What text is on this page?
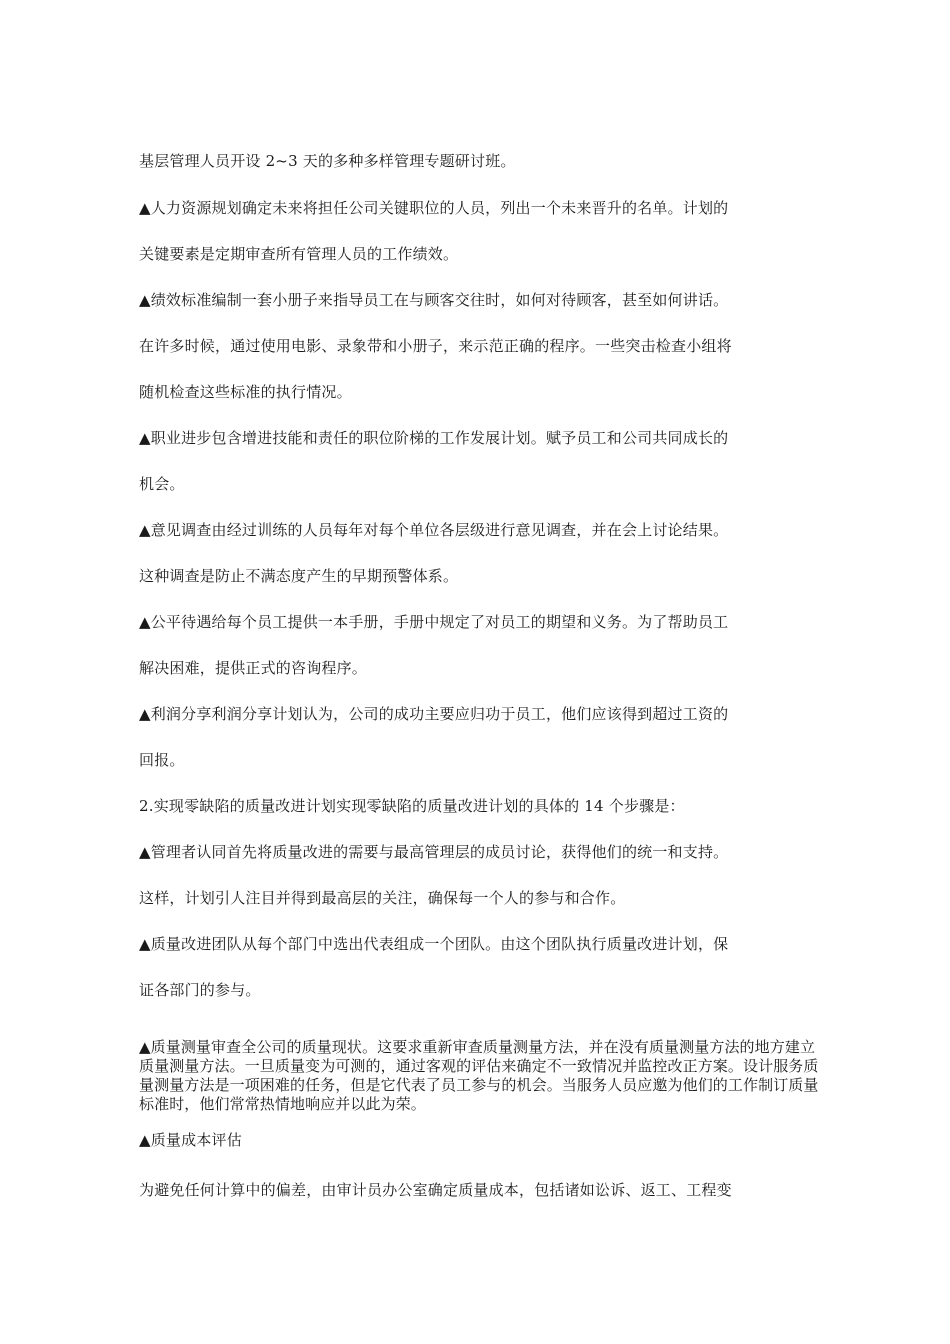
基层管理人员开设 2~3 天的多种多样管理专题研讨班。
▲人力资源规划确定未来将担任公司关键职位的人员，列出一个未来晋升的名单。计划的
关键要素是定期审查所有管理人员的工作绩效。
▲绩效标准编制一套小册子来指导员工在与顾客交往时，如何对待顾客，甚至如何讲话。
在许多时候，通过使用电影、录象带和小册子，来示范正确的程序。一些突击检查小组将
随机检查这些标准的执行情况。
▲职业进步包含增进技能和责任的职位阶梯的工作发展计划。赋予员工和公司共同成长的
机会。
▲意见调查由经过训练的人员每年对每个单位各层级进行意见调查，并在会上讨论结果。
这种调查是防止不满态度产生的早期预警体系。
▲公平待遇给每个员工提供一本手册，手册中规定了对员工的期望和义务。为了帮助员工
解决困难，提供正式的咨询程序。
▲利润分享利润分享计划认为，公司的成功主要应归功于员工，他们应该得到超过工资的
回报。
2.实现零缺陷的质量改进计划实现零缺陷的质量改进计划的具体的 14 个步骤是：
▲管理者认同首先将质量改进的需要与最高管理层的成员讨论，获得他们的统一和支持。
这样，计划引人注目并得到最高层的关注，确保每一个人的参与和合作。
▲质量改进团队从每个部门中选出代表组成一个团队。由这个团队执行质量改进计划，保
证各部门的参与。

▲质量测量审查全公司的质量现状。这要求重新审查质量测量方法，并在没有质量测量方法的地方建立质量测量方法。一旦质量变为可测的，通过客观的评估来确定不一致情况并监控改正方案。设计服务质量测量方法是一项困难的任务，但是它代表了员工参与的机会。当服务人员应邀为他们的工作制订质量标准时，他们常常热情地响应并以此为荣。

▲质量成本评估
为避免任何计算中的偏差，由审计员办公室确定质量成本，包括诸如讼诉、返工、工程变
